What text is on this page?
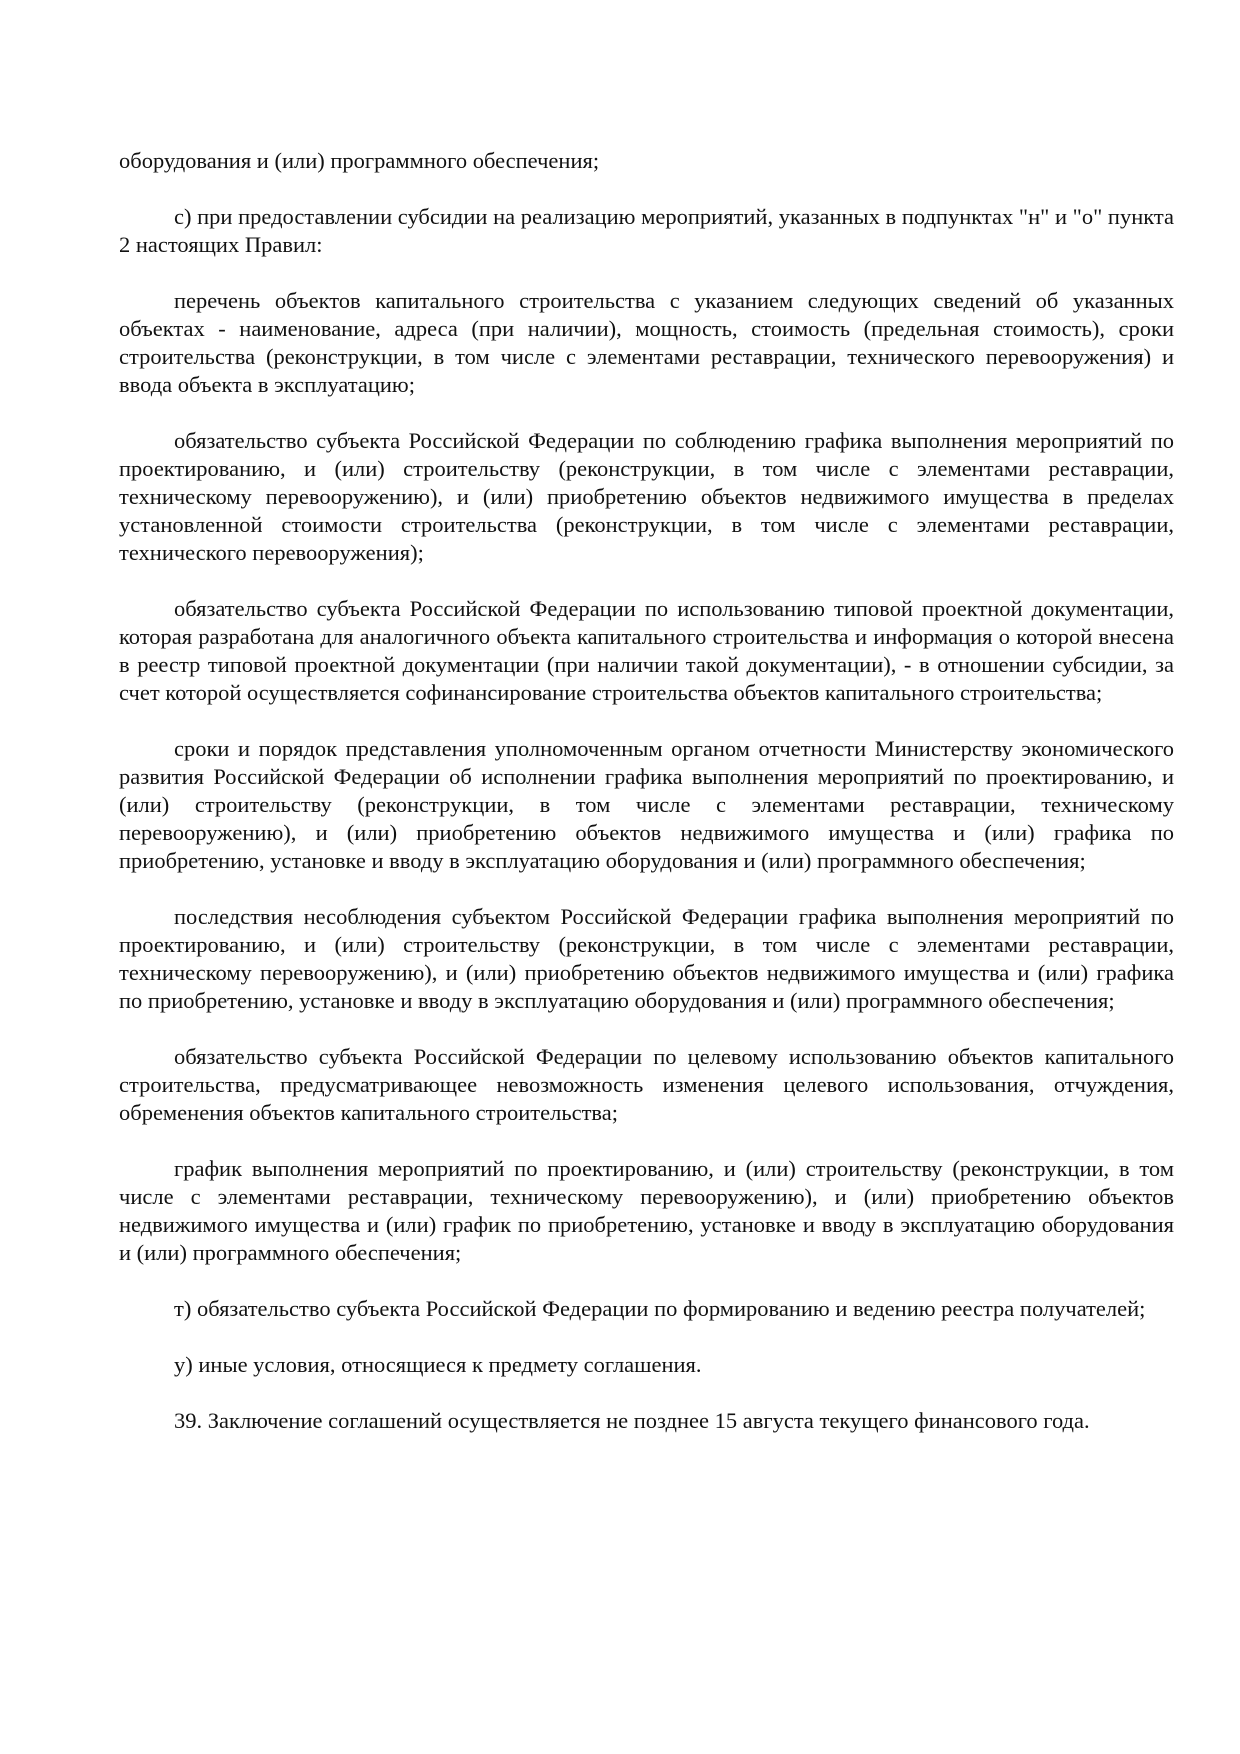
оборудования и (или) программного обеспечения;

с) при предоставлении субсидии на реализацию мероприятий, указанных в подпунктах "н" и "о" пункта 2 настоящих Правил:

перечень объектов капитального строительства с указанием следующих сведений об указанных объектах - наименование, адреса (при наличии), мощность, стоимость (предельная стоимость), сроки строительства (реконструкции, в том числе с элементами реставрации, технического перевооружения) и ввода объекта в эксплуатацию;

обязательство субъекта Российской Федерации по соблюдению графика выполнения мероприятий по проектированию, и (или) строительству (реконструкции, в том числе с элементами реставрации, техническому перевооружению), и (или) приобретению объектов недвижимого имущества в пределах установленной стоимости строительства (реконструкции, в том числе с элементами реставрации, технического перевооружения);

обязательство субъекта Российской Федерации по использованию типовой проектной документации, которая разработана для аналогичного объекта капитального строительства и информация о которой внесена в реестр типовой проектной документации (при наличии такой документации), - в отношении субсидии, за счет которой осуществляется софинансирование строительства объектов капитального строительства;

сроки и порядок представления уполномоченным органом отчетности Министерству экономического развития Российской Федерации об исполнении графика выполнения мероприятий по проектированию, и (или) строительству (реконструкции, в том числе с элементами реставрации, техническому перевооружению), и (или) приобретению объектов недвижимого имущества и (или) графика по приобретению, установке и вводу в эксплуатацию оборудования и (или) программного обеспечения;

последствия несоблюдения субъектом Российской Федерации графика выполнения мероприятий по проектированию, и (или) строительству (реконструкции, в том числе с элементами реставрации, техническому перевооружению), и (или) приобретению объектов недвижимого имущества и (или) графика по приобретению, установке и вводу в эксплуатацию оборудования и (или) программного обеспечения;

обязательство субъекта Российской Федерации по целевому использованию объектов капитального строительства, предусматривающее невозможность изменения целевого использования, отчуждения, обременения объектов капитального строительства;

график выполнения мероприятий по проектированию, и (или) строительству (реконструкции, в том числе с элементами реставрации, техническому перевооружению), и (или) приобретению объектов недвижимого имущества и (или) график по приобретению, установке и вводу в эксплуатацию оборудования и (или) программного обеспечения;

т) обязательство субъекта Российской Федерации по формированию и ведению реестра получателей;

у) иные условия, относящиеся к предмету соглашения.

39. Заключение соглашений осуществляется не позднее 15 августа текущего финансового года.
